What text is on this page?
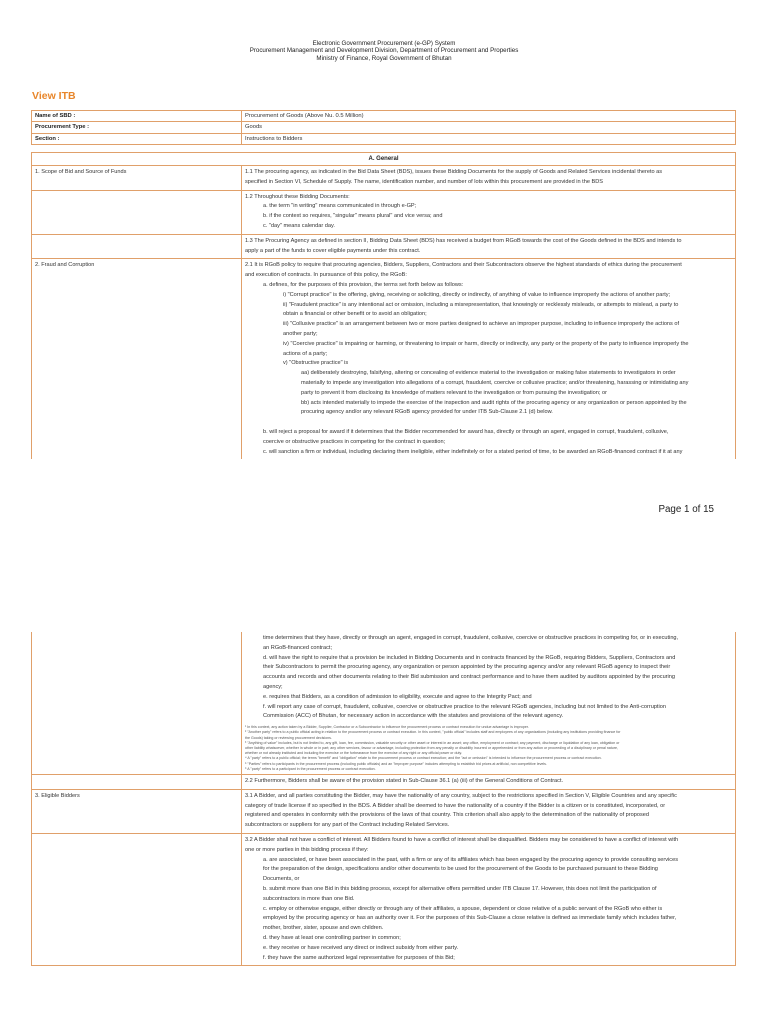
Electronic Government Procurement (e-GP) System
Procurement Management and Development Division, Department of Procurement and Properties
Ministry of Finance, Royal Government of Bhutan
View ITB
Name of SBD :	Procurement of Goods (Above Nu. 0.5 Million)
Procurement Type :	Goods
Section :	Instructions to Bidders
A. General
1. Scope of Bid and Source of Funds	1.1 The procuring agency, as indicated in the Bid Data Sheet (BDS), issues these Bidding Documents for the supply of Goods and Related Services incidental thereto as
specified in Section VI, Schedule of Supply. The name, identification number, and number of lots within this procurement are provided in the BDS
1.2 Throughout these Bidding Documents:
a. the term "in writing" means communicated in through e-GP;
b. if the context so requires, "singular" means plural" and vice versa; and
c. "day" means calendar day.
1.3 The Procuring Agency as defined in section II, Bidding Data Sheet (BDS) has received a budget from RGoB towards the cost of the Goods defined in the BDS and intends to
apply a part of the funds to cover eligible payments under this contract.
2. Fraud and Corruption	2.1 It is RGoB policy to require that procuring agencies, Bidders, Suppliers, Contractors and their Subcontractors observe the highest standards of ethics during the procurement
and execution of contracts. In pursuance of this policy, the RGoB:
a. defines, for the purposes of this provision, the terms set forth below as follows:
i) "Corrupt practice" is the offering, giving, receiving or soliciting, directly or indirectly, of anything of value to influence improperly the actions of another party;
ii) "Fraudulent practice" is any intentional act or omission, including a misrepresentation, that knowingly or recklessly misleads, or attempts to mislead, a party to
obtain a financial or other benefit or to avoid an obligation;
iii) "Collusive practice" is an arrangement between two or more parties designed to achieve an improper purpose, including to influence improperly the actions of
another party;
iv) "Coercive practice" is impairing or harming, or threatening to impair or harm, directly or indirectly, any party or the property of the party to influence improperly the
actions of a party;
v) "Obstructive practice" is
aa) deliberately destroying, falsifying, altering or concealing of evidence material to the investigation or making false statements to investigators in order
materially to impede any investigation into allegations of a corrupt, fraudulent, coercive or collusive practice; and/or threatening, harassing or intimidating any
party to prevent it from disclosing its knowledge of matters relevant to the investigation or from pursuing the investigation; or
bb) acts intended materially to impede the exercise of the inspection and audit rights of the procuring agency or any organization or person appointed by the
procuring agency and/or any relevant RGoB agency provided for under ITB Sub-Clause 2.1 (d) below.

b. will reject a proposal for award if it determines that the Bidder recommended for award has, directly or through an agent, engaged in corrupt, fraudulent, collusive,
coercive or obstructive practices in competing for the contract in question;
c. will sanction a firm or individual, including declaring them ineligible, either indefinitely or for a stated period of time, to be awarded an RGoB-financed contract if it at any
Page 1 of 15
time determines that they have, directly or through an agent, engaged in corrupt, fraudulent, collusive, coercive or obstructive practices in competing for, or in executing,
an RGoB-financed contract;
d. will have the right to require that a provision be included in Bidding Documents and in contracts financed by the RGoB, requiring Bidders, Suppliers, Contractors and
their Subcontractors to permit the procuring agency, any organization or person appointed by the procuring agency and/or any relevant RGoB agency to inspect their
accounts and records and other documents relating to their Bid submission and contract performance and to have them audited by auditors appointed by the procuring
agency;
e. requires that Bidders, as a condition of admission to eligibility, execute and agree to the Integrity Pact; and
f. will report any case of corrupt, fraudulent, collusive, coercive or obstructive practice to the relevant RGoB agencies, including but not limited to the Anti-corruption
Commission (ACC) of Bhutan, for necessary action in accordance with the statutes and provisions of the relevant agency.
¹ In this context, any action taken by a Bidder, Supplier, Contractor or a Subcontractor to influence the procurement process or contract execution for undue advantage is improper.
² "Another party" refers to a public official acting in relation to the procurement process or contract execution. In this context, "public official" includes staff and employees of any organizations (including any institutions providing finance for
the Goods) taking or reviewing procurement decisions.
³ "Anything of value" includes, but is not limited to, any gift, loan, fee, commission, valuable security or other asset or interest in an asset; any office, employment or contract; any payment, discharge or liquidation of any loan, obligation or
other liability whatsoever, whether in whole or in part; any other services, favour or advantage, including protection from any penalty or disability incurred or apprehended or from any action or proceeding of a disciplinary or penal nature,
whether or not already instituted and including the exercise or the forbearance from the exercise of any right or any official power or duty.
⁴ A "party" refers to a public official; the terms "benefit" and "obligation" relate to the procurement process or contract execution; and the "act or omission" is intended to influence the procurement process or contract execution.
⁵ "Parties" refers to participants in the procurement process (including public officials) and an "improper purpose" includes attempting to establish bid prices at artificial, non competitive levels.
⁶ A "party" refers to a participant in the procurement process or contract execution.
2.2 Furthermore, Bidders shall be aware of the provision stated in Sub-Clause 36.1 (a) (iii) of the General Conditions of Contract.
3. Eligible Bidders	3.1 A Bidder, and all parties constituting the Bidder, may have the nationality of any country, subject to the restrictions specified in Section V, Eligible Countries and any specific
category of trade license if so specified in the BDS. A Bidder shall be deemed to have the nationality of a country if the Bidder is a citizen or is constituted, incorporated, or
registered and operates in conformity with the provisions of the laws of that country. This criterion shall also apply to the determination of the nationality of proposed
subcontractors or suppliers for any part of the Contract including Related Services.
3.2 A Bidder shall not have a conflict of interest. All Bidders found to have a conflict of interest shall be disqualified. Bidders may be considered to have a conflict of interest with
one or more parties in this bidding process if they:
a. are associated, or have been associated in the past, with a firm or any of its affiliates which has been engaged by the procuring agency to provide consulting services
for the preparation of the design, specifications and/or other documents to be used for the procurement of the Goods to be purchased pursuant to these Bidding
Documents, or
b. submit more than one Bid in this bidding process, except for alternative offers permitted under ITB Clause 17. However, this does not limit the participation of
subcontractors in more than one Bid.
c. employ or otherwise engage, either directly or through any of their affiliates, a spouse, dependent or close relative of a public servant of the RGoB who either is
employed by the procuring agency or has an authority over it. For the purposes of this Sub-Clause a close relative is defined as immediate family which includes father,
mother, brother, sister, spouse and own children.
d. they have at least one controlling partner in common;
e. they receive or have received any direct or indirect subsidy from either party.
f. they have the same authorized legal representative for purposes of this Bid;
